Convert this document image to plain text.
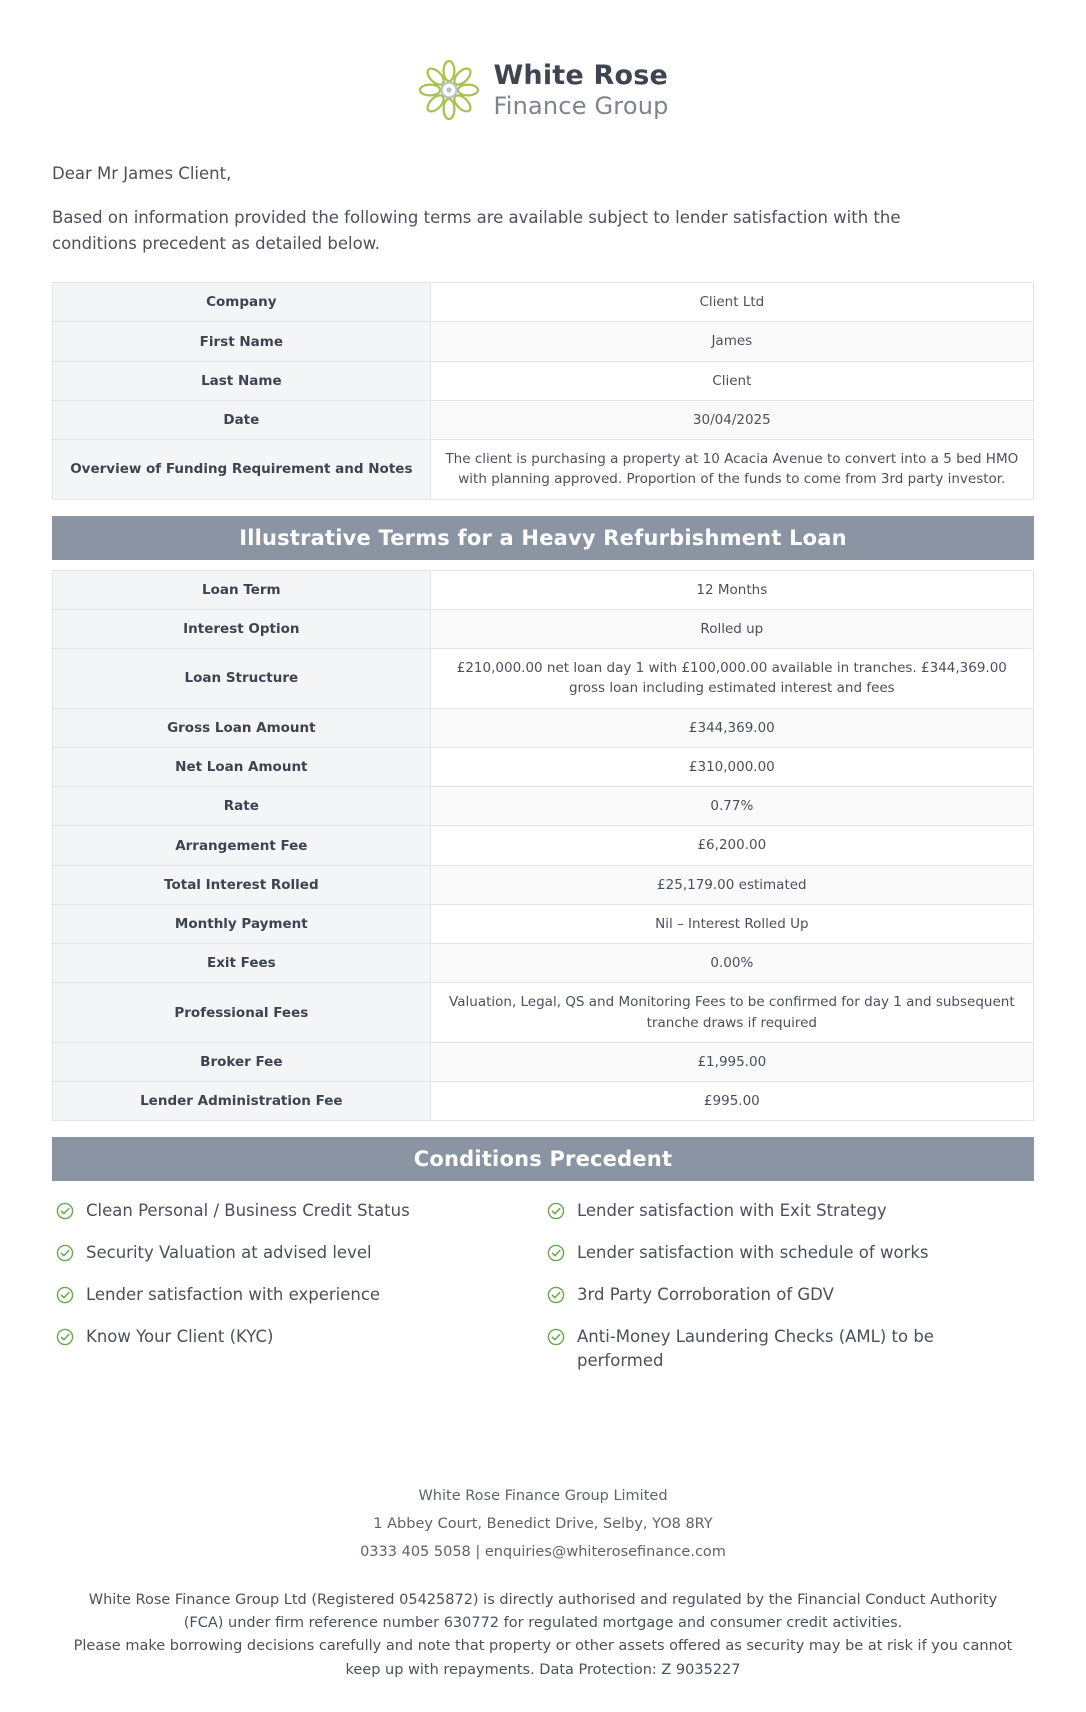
White Rose
Finance Group

Dear Mr James Client,

Based on information provided the following terms are available subject to lender satisfaction with the conditions precedent as detailed below.

Company	Client Ltd
First Name	James
Last Name	Client
Date	30/04/2025
Overview of Funding Requirement and Notes	The client is purchasing a property at 10 Acacia Avenue to convert into a 5 bed HMO with planning approved. Proportion of the funds to come from 3rd party investor.
Illustrative Terms for a Heavy Refurbishment Loan
Loan Term	12 Months
Interest Option	Rolled up
Loan Structure	£210,000.00 net loan day 1 with £100,000.00 available in tranches. £344,369.00 gross loan including estimated interest and fees
Gross Loan Amount	£344,369.00
Net Loan Amount	£310,000.00
Rate	0.77%
Arrangement Fee	£6,200.00
Total Interest Rolled	£25,179.00 estimated
Monthly Payment	Nil – Interest Rolled Up
Exit Fees	0.00%
Professional Fees	Valuation, Legal, QS and Monitoring Fees to be confirmed for day 1 and subsequent tranche draws if required
Broker Fee	£1,995.00
Lender Administration Fee	£995.00
Conditions Precedent
Clean Personal / Business Credit Status	Lender satisfaction with Exit Strategy
Security Valuation at advised level	Lender satisfaction with schedule of works
Lender satisfaction with experience	3rd Party Corroboration of GDV
Know Your Client (KYC)	Anti-Money Laundering Checks (AML) to be performed

White Rose Finance Group Limited

1 Abbey Court, Benedict Drive, Selby, YO8 8RY

0333 405 5058 | enquiries@whiterosefinance.com

White Rose Finance Group Ltd (Registered 05425872) is directly authorised and regulated by the Financial Conduct Authority

(FCA) under firm reference number 630772 for regulated mortgage and consumer credit activities.

Please make borrowing decisions carefully and note that property or other assets offered as security may be at risk if you cannot

keep up with repayments. Data Protection: Z 9035227
